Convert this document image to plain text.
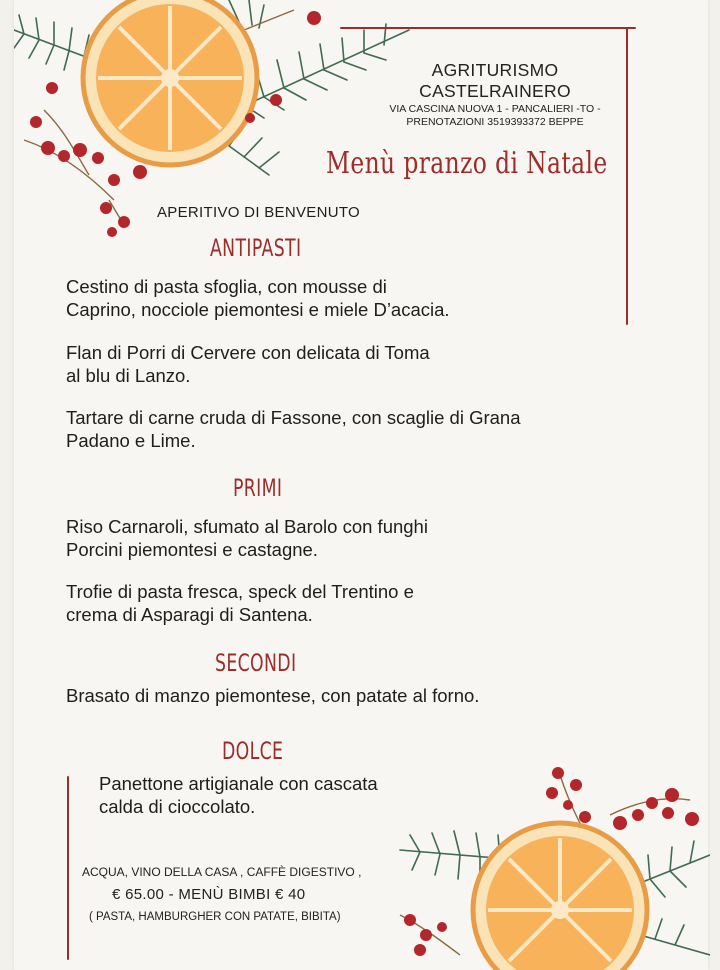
AGRITURISMO
CASTELRAINERO
VIA CASCINA NUOVA 1 - PANCALIERI -TO -
PRENOTAZIONI 3519393372 BEPPE
Menù pranzo di Natale
APERITIVO DI BENVENUTO
ANTIPASTI
Cestino di pasta sfoglia, con mousse di
Caprino, nocciole piemontesi e miele D’acacia.
Flan di Porri di Cervere con delicata di Toma
al blu di Lanzo.
Tartare di carne cruda di Fassone, con scaglie di Grana
Padano e Lime.
PRIMI
Riso Carnaroli, sfumato al Barolo con funghi
Porcini piemontesi e castagne.
Trofie di pasta fresca, speck del Trentino e
crema di Asparagi di Santena.
SECONDI
Brasato di manzo piemontese, con patate al forno.
DOLCE
Panettone artigianale con cascata
calda di cioccolato.
ACQUA, VINO DELLA CASA , CAFFÈ DIGESTIVO ,
€ 65.00 - MENÙ BIMBI € 40
( PASTA, HAMBURGHER CON PATATE, BIBITA)
